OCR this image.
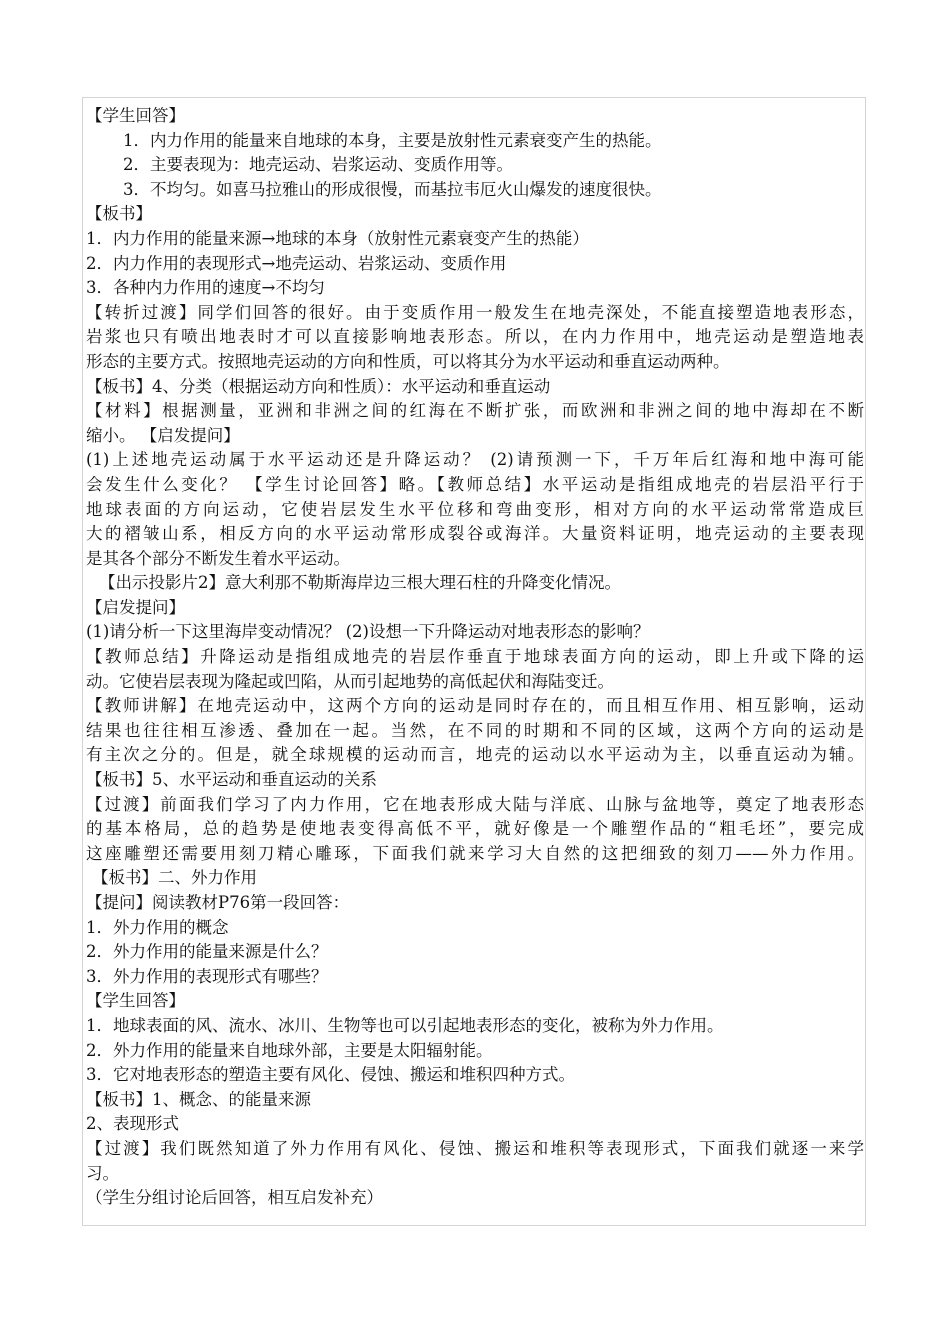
【学生回答】

1．内力作用的能量来自地球的本身，主要是放射性元素衰变产生的热能。

2．主要表现为：地壳运动、岩浆运动、变质作用等。

3．不均匀。如喜马拉雅山的形成很慢，而基拉韦厄火山爆发的速度很快。

【板书】

1．内力作用的能量来源→地球的本身（放射性元素衰变产生的热能）

2．内力作用的表现形式→地壳运动、岩浆运动、变质作用

3．各种内力作用的速度→不均匀

【转折过渡】同学们回答的很好。由于变质作用一般发生在地壳深处，不能直接塑造地表形态，

岩浆也只有喷出地表时才可以直接影响地表形态。所以，在内力作用中，地壳运动是塑造地表

形态的主要方式。按照地壳运动的方向和性质，可以将其分为水平运动和垂直运动两种。

【板书】4、分类（根据运动方向和性质）：水平运动和垂直运动

【材料】根据测量，亚洲和非洲之间的红海在不断扩张，而欧洲和非洲之间的地中海却在不断

缩小。 【启发提问】

(1)上述地壳运动属于水平运动还是升降运动？ (2)请预测一下，千万年后红海和地中海可能

会发生什么变化？ 【学生讨论回答】略。【教师总结】水平运动是指组成地壳的岩层沿平行于

地球表面的方向运动，它使岩层发生水平位移和弯曲变形，相对方向的水平运动常常造成巨

大的褶皱山系，相反方向的水平运动常形成裂谷或海洋。大量资料证明，地壳运动的主要表现

是其各个部分不断发生着水平运动。

【出示投影片2】意大利那不勒斯海岸边三根大理石柱的升降变化情况。

【启发提问】

(1)请分析一下这里海岸变动情况？ (2)设想一下升降运动对地表形态的影响？

【教师总结】升降运动是指组成地壳的岩层作垂直于地球表面方向的运动，即上升或下降的运

动。它使岩层表现为隆起或凹陷，从而引起地势的高低起伏和海陆变迁。

【教师讲解】在地壳运动中，这两个方向的运动是同时存在的，而且相互作用、相互影响，运动

结果也往往相互渗透、叠加在一起。当然，在不同的时期和不同的区域，这两个方向的运动是

有主次之分的。但是，就全球规模的运动而言，地壳的运动以水平运动为主，以垂直运动为辅。

【板书】5、水平运动和垂直运动的关系

【过渡】前面我们学习了内力作用，它在地表形成大陆与洋底、山脉与盆地等，奠定了地表形态

的基本格局，总的趋势是使地表变得高低不平，就好像是一个雕塑作品的“粗毛坯”，要完成

这座雕塑还需要用刻刀精心雕琢，下面我们就来学习大自然的这把细致的刻刀——外力作用。

【板书】二、外力作用

【提问】阅读教材P76第一段回答：

1．外力作用的概念

2．外力作用的能量来源是什么？

3．外力作用的表现形式有哪些？

【学生回答】

1．地球表面的风、流水、冰川、生物等也可以引起地表形态的变化，被称为外力作用。

2．外力作用的能量来自地球外部，主要是太阳辐射能。

3．它对地表形态的塑造主要有风化、侵蚀、搬运和堆积四种方式。

【板书】1、概念、的能量来源

2、表现形式

【过渡】我们既然知道了外力作用有风化、侵蚀、搬运和堆积等表现形式，下面我们就逐一来学

习。

（学生分组讨论后回答，相互启发补充）
